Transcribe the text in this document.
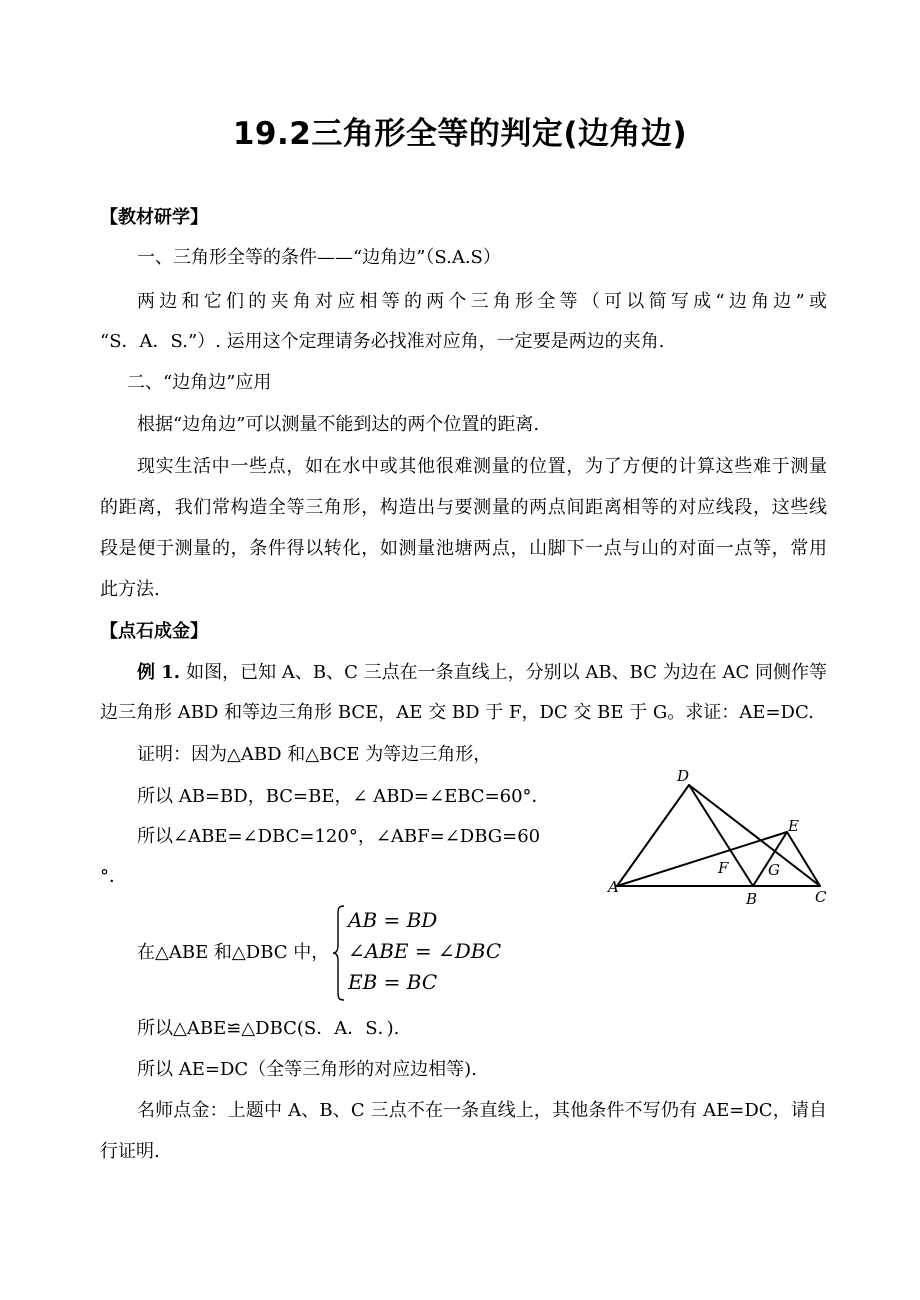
19.2三角形全等的判定(边角边)
【教材研学】
一、三角形全等的条件——“边角边”（S.A.S）
两边和它们的夹角对应相等的两个三角形全等（可以简写成“边角边”或
“S．A．S.”）. 运用这个定理请务必找准对应角，一定要是两边的夹角.
二、“边角边”应用
根据“边角边”可以测量不能到达的两个位置的距离.
现实生活中一些点，如在水中或其他很难测量的位置，为了方便的计算这些难于测量
的距离，我们常构造全等三角形，构造出与要测量的两点间距离相等的对应线段，这些线
段是便于测量的，条件得以转化，如测量池塘两点，山脚下一点与山的对面一点等，常用
此方法.
【点石成金】
例 1. 如图，已知 A、B、C 三点在一条直线上，分别以 AB、BC 为边在 AC 同侧作等
边三角形 ABD 和等边三角形 BCE，AE 交 BD 于 F，DC 交 BE 于 G。求证：AE=DC.
证明：因为△ABD 和△BCE 为等边三角形，
所以 AB=BD，BC=BE，∠ ABD=∠EBC=60°．
所以∠ABE=∠DBC=120°，∠ABF=∠DBG=60
°．
在△ABE 和△DBC 中，
AB = BD
∠ABE = ∠DBC
EB = BC
所以△ABE≌△DBC(S．A．S．).
所以 AE=DC（全等三角形的对应边相等).
名师点金：上题中 A、B、C 三点不在一条直线上，其他条件不写仍有 AE=DC，请自
行证明.
D
E
F	G
A
B	C
